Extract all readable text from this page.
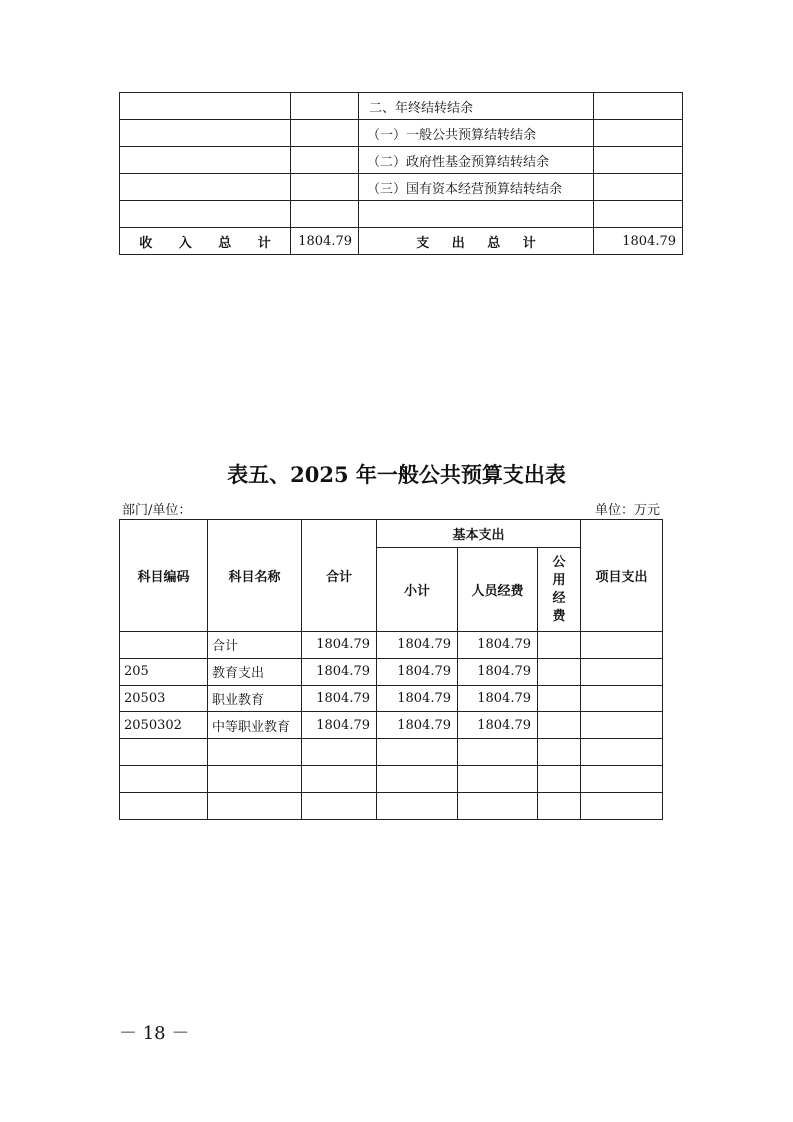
		二、年终结转结余	
		（一）一般公共预算结转结余	
		（二）政府性基金预算结转结余	
		（三）国有资本经营预算结转结余	

收 入 总 计	1804.79	支 出 总 计	1804.79
表五、2025 年一般公共预算支出表
部门/单位：	单位：万元
科目编码	科目名称	合计	基本支出			项目支出
			小计	人员经费	公
用
经
费	

	合计	1804.79	1804.79	1804.79		
205	教育支出	1804.79	1804.79	1804.79		
20503	职业教育	1804.79	1804.79	1804.79		
2050302	中等职业教育	1804.79	1804.79	1804.79		

－ 18 －
